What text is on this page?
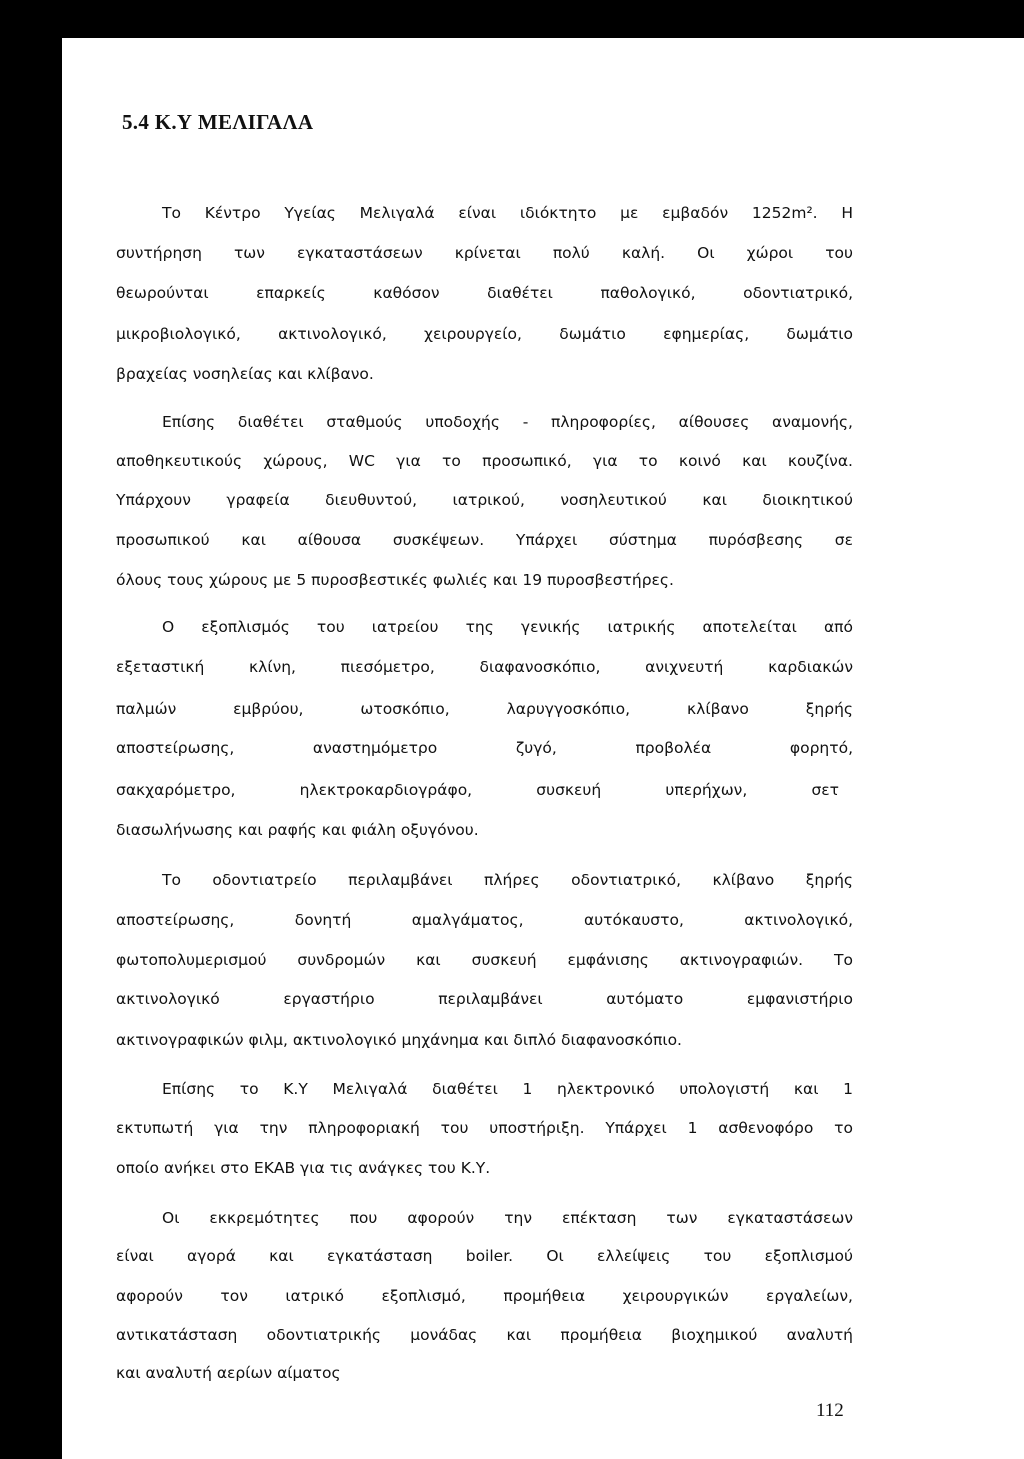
5.4 Κ.Υ ΜΕΛΙΓΑΛΑ
Το Κέντρο Υγείας Μελιγαλά είναι ιδιόκτητο με εμβαδόν 1252m². Η
συντήρηση των εγκαταστάσεων κρίνεται πολύ καλή. Οι χώροι του
θεωρούνται επαρκείς καθόσον διαθέτει παθολογικό, οδοντιατρικό,
μικροβιολογικό, ακτινολογικό, χειρουργείο, δωμάτιο εφημερίας, δωμάτιο
βραχείας νοσηλείας και κλίβανο.
Επίσης διαθέτει σταθμούς υποδοχής - πληροφορίες, αίθουσες αναμονής,
αποθηκευτικούς χώρους, WC για το προσωπικό, για το κοινό και κουζίνα.
Υπάρχουν γραφεία διευθυντού, ιατρικού, νοσηλευτικού και διοικητικού
προσωπικού και αίθουσα συσκέψεων. Υπάρχει σύστημα πυρόσβεσης σε
όλους τους χώρους με 5 πυροσβεστικές φωλιές και 19 πυροσβεστήρες.
Ο εξοπλισμός του ιατρείου της γενικής ιατρικής αποτελείται από
εξεταστική κλίνη, πιεσόμετρο, διαφανοσκόπιο, ανιχνευτή καρδιακών
παλμών εμβρύου, ωτοσκόπιο, λαρυγγοσκόπιο, κλίβανο ξηρής
αποστείρωσης, αναστημόμετρο ζυγό, προβολέα φορητό,
σακχαρόμετρο, ηλεκτροκαρδιογράφο, συσκευή υπερήχων, σετ
διασωλήνωσης και ραφής και φιάλη οξυγόνου.
Το οδοντιατρείο περιλαμβάνει πλήρες οδοντιατρικό, κλίβανο ξηρής
αποστείρωσης, δονητή αμαλγάματος, αυτόκαυστο, ακτινολογικό,
φωτοπολυμερισμού συνδρομών και συσκευή εμφάνισης ακτινογραφιών. Το
ακτινολογικό εργαστήριο περιλαμβάνει αυτόματο εμφανιστήριο
ακτινογραφικών φιλμ, ακτινολογικό μηχάνημα και διπλό διαφανοσκόπιο.
Επίσης το Κ.Υ Μελιγαλά διαθέτει 1 ηλεκτρονικό υπολογιστή και 1
εκτυπωτή για την πληροφοριακή του υποστήριξη. Υπάρχει 1 ασθενοφόρο το
οποίο ανήκει στο ΕΚΑΒ για τις ανάγκες του Κ.Υ.
Οι εκκρεμότητες που αφορούν την επέκταση των εγκαταστάσεων
είναι αγορά και εγκατάσταση boiler. Οι ελλείψεις του εξοπλισμού
αφορούν τον ιατρικό εξοπλισμό, προμήθεια χειρουργικών εργαλείων,
αντικατάσταση οδοντιατρικής μονάδας και προμήθεια βιοχημικού αναλυτή
και αναλυτή αερίων αίματος
112
